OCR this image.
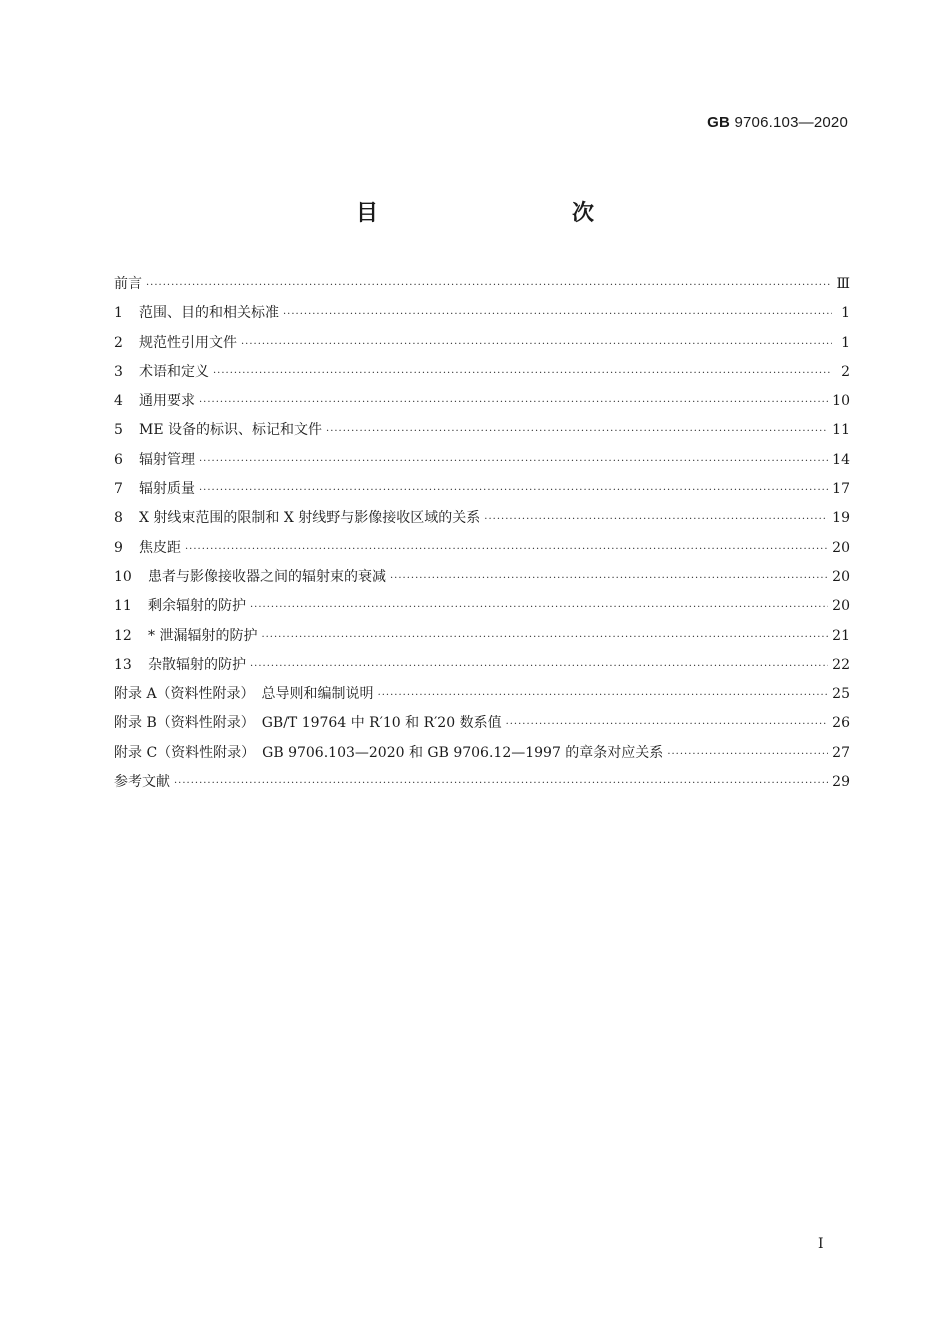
GB 9706.103—2020
目　　次
前言 ·····	Ⅲ
1	范围、目的和相关标准 ·····	1
2	规范性引用文件 ·····	1
3	术语和定义 ·····	2
4	通用要求 ·····	10
5	ME 设备的标识、标记和文件 ·····	11
6	辐射管理 ·····	14
7	辐射质量 ·····	17
8	X 射线束范围的限制和 X 射线野与影像接收区域的关系 ·····	19
9	焦皮距 ·····	20
10	患者与影像接收器之间的辐射束的衰减 ·····	20
11	剩余辐射的防护 ·····	20
12	* 泄漏辐射的防护 ·····	21
13	杂散辐射的防护 ·····	22
附录 A（资料性附录）　总导则和编制说明 ·····	25
附录 B（资料性附录）　GB/T 19764 中 R′10 和 R′20 数系值 ·····	26
附录 C（资料性附录）　GB 9706.103—2020 和 GB 9706.12—1997 的章条对应关系 ·····	27
参考文献 ·····	29
I
